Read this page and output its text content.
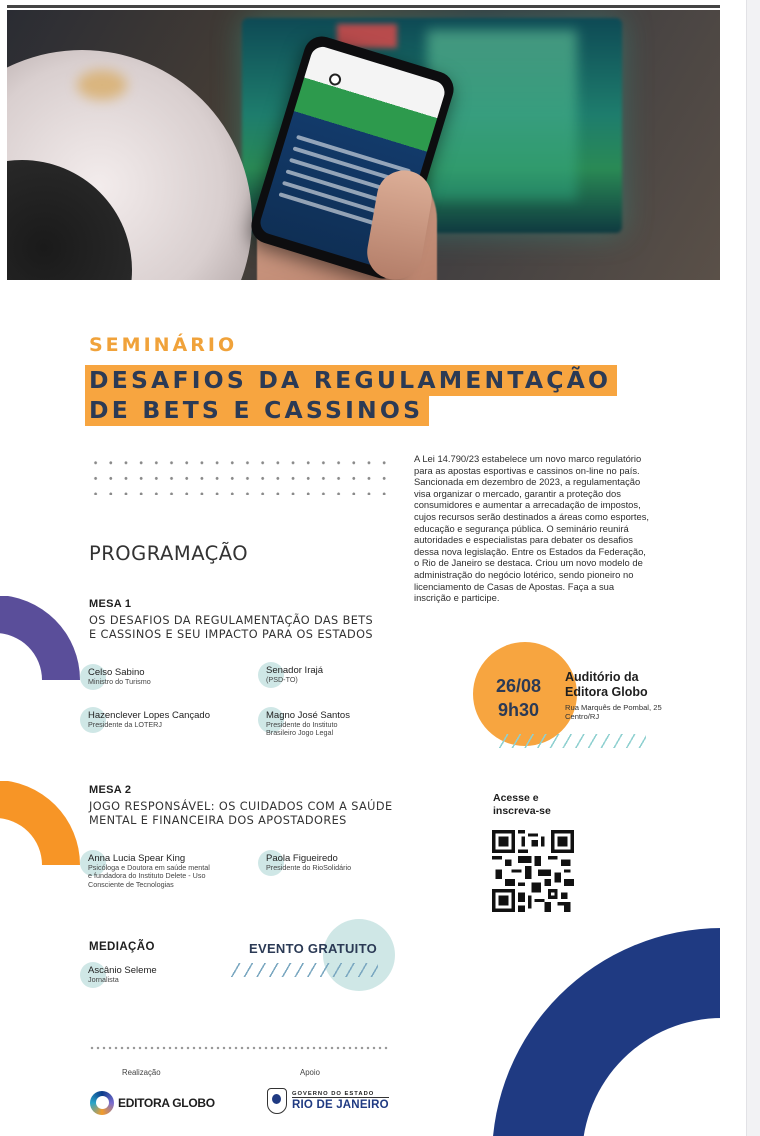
SEMINÁRIO
DESAFIOS DA REGULAMENTAÇÃO
DE BETS E CASSINOS
A Lei 14.790/23 estabelece um novo marco regulatório para as apostas esportivas e cassinos on-line no país. Sancionada em dezembro de 2023, a regulamentação visa organizar o mercado, garantir a proteção dos consumidores e aumentar a arrecadação de impostos, cujos recursos serão destinados a áreas como esportes, educação e segurança pública. O seminário reunirá autoridades e especialistas para debater os desafios dessa nova legislação. Entre os Estados da Federação, o Rio de Janeiro se destaca. Criou um novo modelo de administração do negócio lotérico, sendo pioneiro no licenciamento de Casas de Apostas. Faça a sua inscrição e participe.
PROGRAMAÇÃO
MESA 1
OS DESAFIOS DA REGULAMENTAÇÃO DAS BETS
E CASSINOS E SEU IMPACTO PARA OS ESTADOS
Celso Sabino
Ministro do Turismo
Senador Irajá
(PSD-TO)
Hazenclever Lopes Cançado
Presidente da LOTERJ
Magno José Santos
Presidente do Instituto
Brasileiro Jogo Legal
26/08
9h30
Auditório da
Editora Globo
Rua Marquês de Pombal, 25
Centro/RJ
MESA 2
JOGO RESPONSÁVEL: OS CUIDADOS COM A SAÚDE
MENTAL E FINANCEIRA DOS APOSTADORES
Anna Lucia Spear King
Psicóloga e Doutora em saúde mental
e fundadora do Instituto Delete - Uso
Consciente de Tecnologias
Paola Figueiredo
Presidente do RioSolidário
Acesse e
inscreva-se
MEDIAÇÃO
Ascânio Seleme
Jornalista
EVENTO GRATUITO
Realização	Apoio
EDITORA GLOBO
GOVERNO DO ESTADO
RIO DE JANEIRO
